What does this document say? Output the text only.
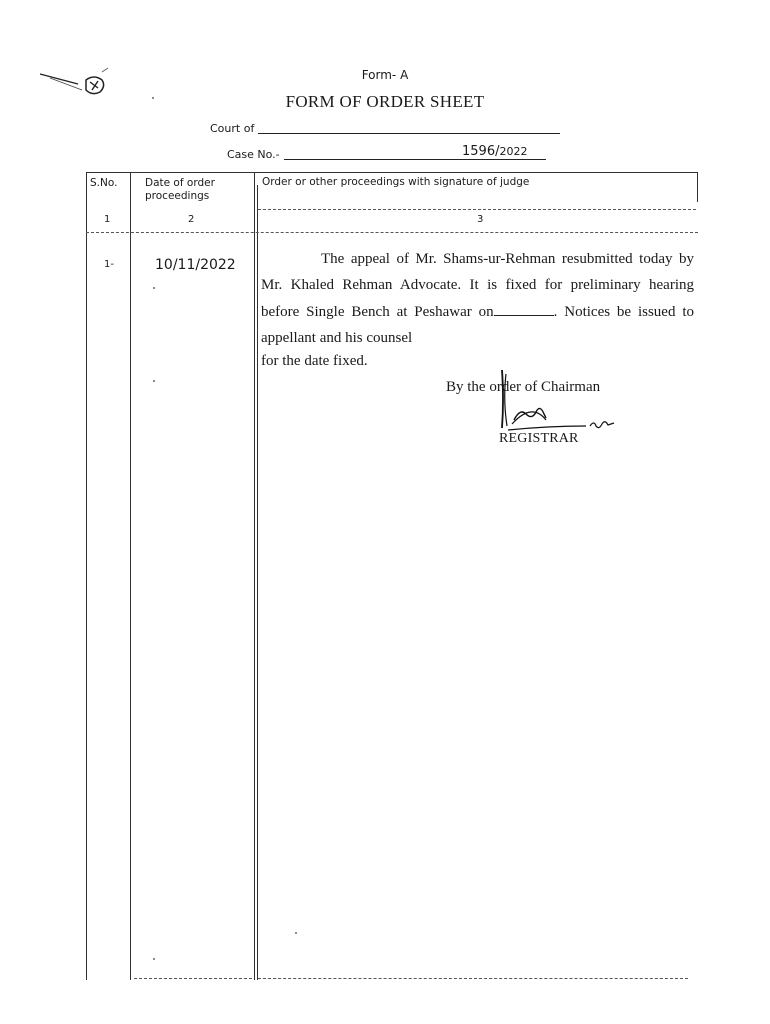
Form- A
FORM OF ORDER SHEET
Court of
Case No.-	1596/2022
S.No.	Date of order proceedings
Order or other proceedings with signature of judge
1	2	3
1-	10/11/2022	The appeal of Mr. Shams-ur-Rehman resubmitted today by Mr. Khaled Rehman Advocate. It is fixed for preliminary hearing before Single Bench at Peshawar on	. Notices be issued to appellant and his counsel

for the date fixed.
By the order of Chairman
REGISTRAR
